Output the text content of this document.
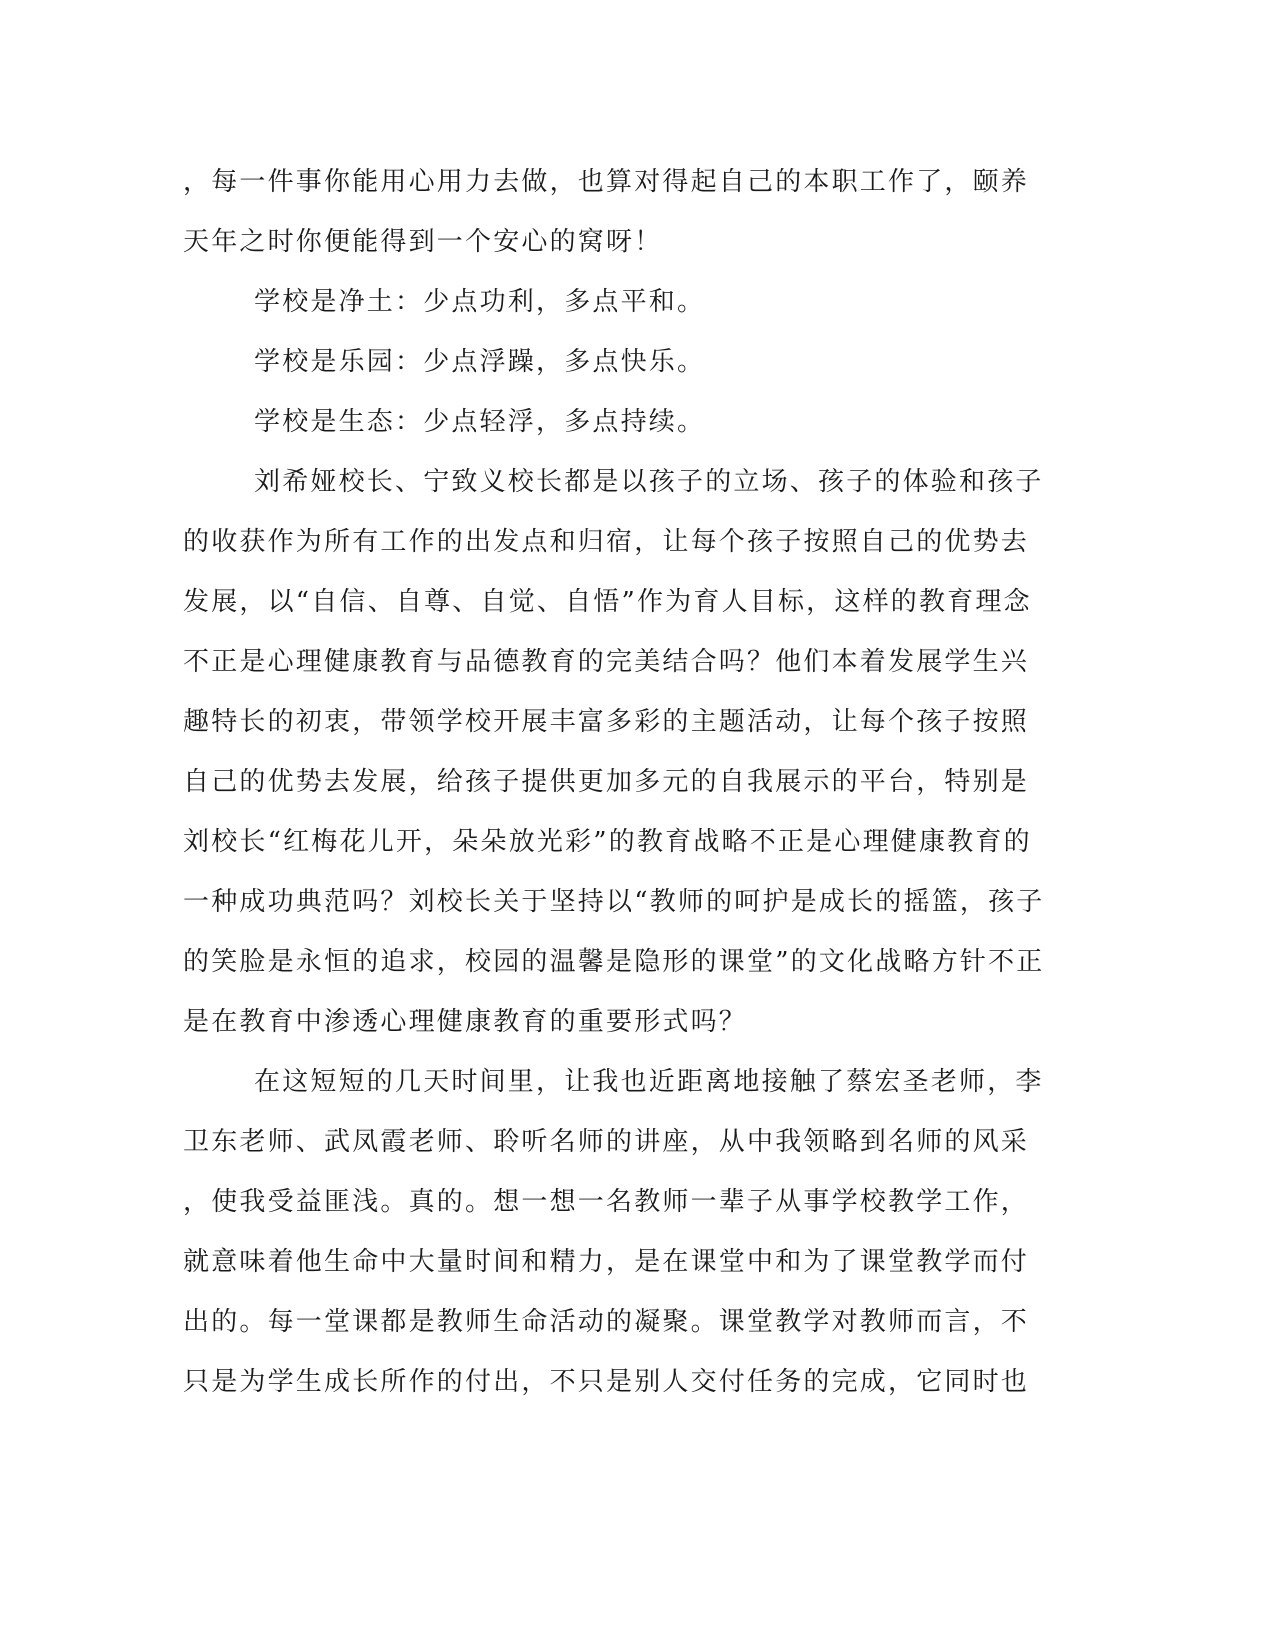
，每一件事你能用心用力去做，也算对得起自己的本职工作了，颐养
天年之时你便能得到一个安心的窝呀！
学校是净土：少点功利，多点平和。
学校是乐园：少点浮躁，多点快乐。
学校是生态：少点轻浮，多点持续。
刘希娅校长、宁致义校长都是以孩子的立场、孩子的体验和孩子
的收获作为所有工作的出发点和归宿，让每个孩子按照自己的优势去
发展，以“自信、自尊、自觉、自悟”作为育人目标，这样的教育理念
不正是心理健康教育与品德教育的完美结合吗？他们本着发展学生兴
趣特长的初衷，带领学校开展丰富多彩的主题活动，让每个孩子按照
自己的优势去发展，给孩子提供更加多元的自我展示的平台，特别是
刘校长“红梅花儿开，朵朵放光彩”的教育战略不正是心理健康教育的
一种成功典范吗？刘校长关于坚持以“教师的呵护是成长的摇篮，孩子
的笑脸是永恒的追求，校园的温馨是隐形的课堂”的文化战略方针不正
是在教育中渗透心理健康教育的重要形式吗？
在这短短的几天时间里，让我也近距离地接触了蔡宏圣老师，李
卫东老师、武凤霞老师、聆听名师的讲座，从中我领略到名师的风采
，使我受益匪浅。真的。想一想一名教师一辈子从事学校教学工作，
就意味着他生命中大量时间和精力，是在课堂中和为了课堂教学而付
出的。每一堂课都是教师生命活动的凝聚。课堂教学对教师而言，不
只是为学生成长所作的付出，不只是别人交付任务的完成，它同时也
